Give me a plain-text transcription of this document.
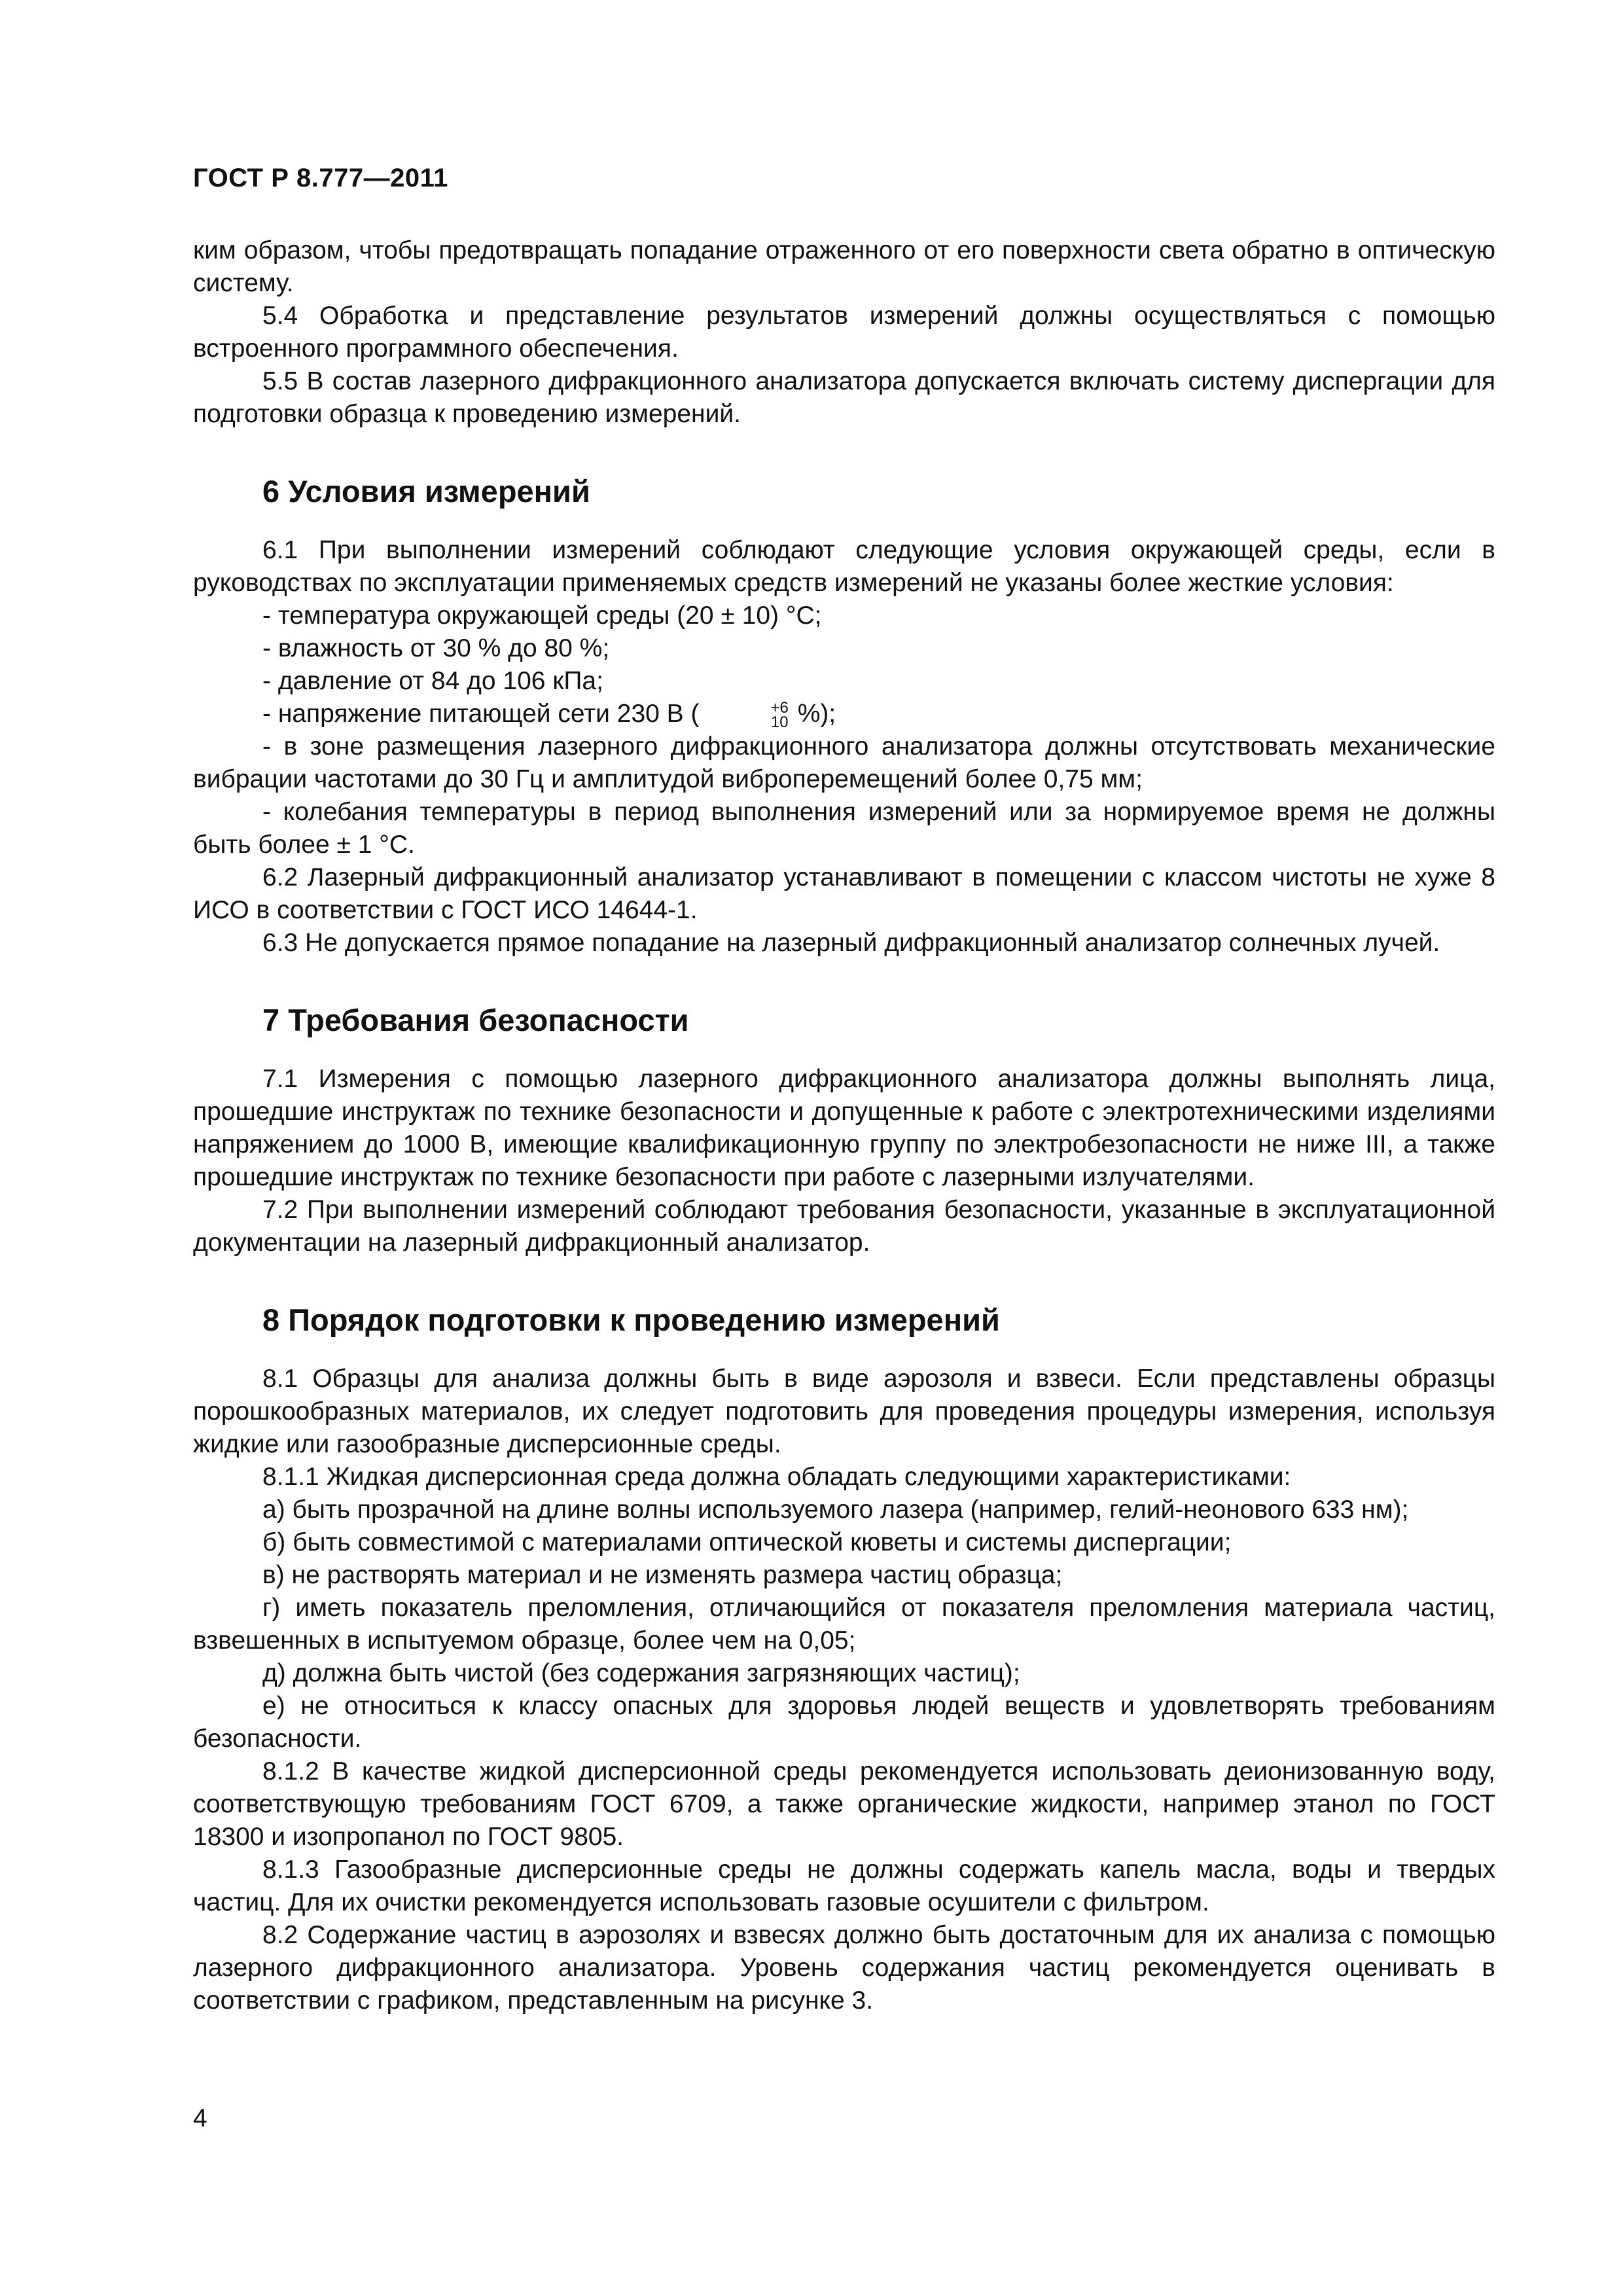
ГОСТ Р 8.777—2011

ким образом, чтобы предотвращать попадание отраженного от его поверхности света обратно в оптическую систему.

5.4 Обработка и представление результатов измерений должны осуществляться с помощью встроенного программного обеспечения.

5.5 В состав лазерного дифракционного анализатора допускается включать систему диспергации для подготовки образца к проведению измерений.

6 Условия измерений

6.1 При выполнении измерений соблюдают следующие условия окружающей среды, если в руководствах по эксплуатации применяемых средств измерений не указаны более жесткие условия:

- температура окружающей среды (20 ± 10) °С;

- влажность от 30 % до 80 %;

- давление от 84 до 106 кПа;

- напряжение питающей сети 230 В (	+6
10 %);

- в зоне размещения лазерного дифракционного анализатора должны отсутствовать механические вибрации частотами до 30 Гц и амплитудой виброперемещений более 0,75 мм;

- колебания температуры в период выполнения измерений или за нормируемое время не должны быть более ± 1 °С.

6.2 Лазерный дифракционный анализатор устанавливают в помещении с классом чистоты не хуже 8 ИСО в соответствии с ГОСТ ИСО 14644-1.

6.3 Не допускается прямое попадание на лазерный дифракционный анализатор солнечных лучей.

7 Требования безопасности

7.1 Измерения с помощью лазерного дифракционного анализатора должны выполнять лица, прошедшие инструктаж по технике безопасности и допущенные к работе с электротехническими изделиями напряжением до 1000 В, имеющие квалификационную группу по электробезопасности не ниже III, а также прошедшие инструктаж по технике безопасности при работе с лазерными излучателями.

7.2 При выполнении измерений соблюдают требования безопасности, указанные в эксплуатационной документации на лазерный дифракционный анализатор.

8 Порядок подготовки к проведению измерений

8.1 Образцы для анализа должны быть в виде аэрозоля и взвеси. Если представлены образцы порошкообразных материалов, их следует подготовить для проведения процедуры измерения, используя жидкие или газообразные дисперсионные среды.

8.1.1 Жидкая дисперсионная среда должна обладать следующими характеристиками:

а) быть прозрачной на длине волны используемого лазера (например, гелий-неонового 633 нм);

б) быть совместимой с материалами оптической кюветы и системы диспергации;

в) не растворять материал и не изменять размера частиц образца;

г) иметь показатель преломления, отличающийся от показателя преломления материала частиц, взвешенных в испытуемом образце, более чем на 0,05;

д) должна быть чистой (без содержания загрязняющих частиц);

е) не относиться к классу опасных для здоровья людей веществ и удовлетворять требованиям безопасности.

8.1.2 В качестве жидкой дисперсионной среды рекомендуется использовать деионизованную воду, соответствующую требованиям ГОСТ 6709, а также органические жидкости, например этанол по ГОСТ 18300 и изопропанол по ГОСТ 9805.

8.1.3 Газообразные дисперсионные среды не должны содержать капель масла, воды и твердых частиц. Для их очистки рекомендуется использовать газовые осушители с фильтром.

8.2 Содержание частиц в аэрозолях и взвесях должно быть достаточным для их анализа с помощью лазерного дифракционного анализатора. Уровень содержания частиц рекомендуется оценивать в соответствии с графиком, представленным на рисунке 3.

4
